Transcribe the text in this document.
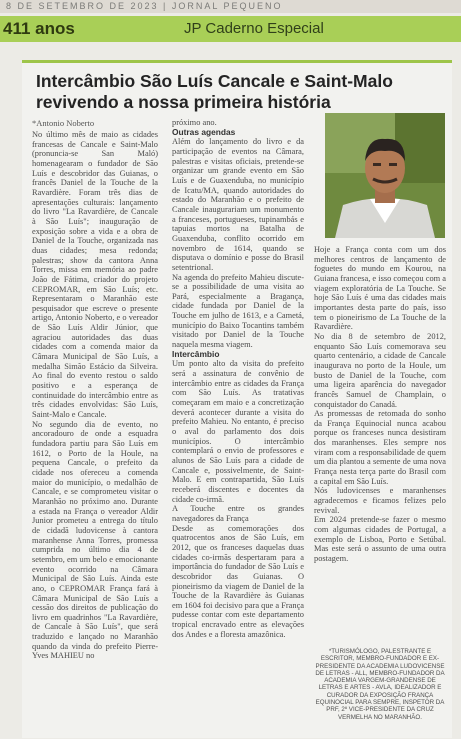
8 DE SETEMBRO DE 2023 | JORNAL PEQUENO
411 anos	JP Caderno Especial
Intercâmbio São Luís Cancale e Saint-Malo revivendo a nossa primeira história
*Antonio Noberto

No último mês de maio as cidades francesas de Cancale e Saint-Malo (pronuncia-se San Maló) homenagearam o fundador de São Luís e descobridor das Guianas, o francês Daniel de la Touche de la Ravardière. Foram três dias de apresentações culturais: lançamento do livro "La Ravardière, de Cancale à São Luís"; inauguração de exposição sobre a vida e a obra de Daniel de la Touche, organizada nas duas cidades; mesa redonda; palestras; show da cantora Anna Torres, missa em memória ao padre João de Fátima, criador do projeto CEPROMAR, em São Luís; etc. Representaram o Maranhão este pesquisador que escreve o presente artigo, Antonio Noberto, e o vereador de São Luís Aldir Júnior, que agraciou autoridades das duas cidades com a comenda maior da Câmara Municipal de São Luís, a medalha Simão Estácio da Silveira. Ao final do evento restou o saldo positivo e a esperança de continuidade do intercâmbio entre as três cidades envolvidas: São Luís, Saint-Malo e Cancale.
No segundo dia de evento, no ancoradouro de onde a esquadra fundadora partiu para São Luís em 1612, o Porto de la Houle, na pequena Cancale, o prefeito da cidade nos ofereceu a comenda maior do município, o medalhão de Cancale, e se comprometeu visitar o Maranhão no próximo ano. Durante a estada na França o vereador Aldir Junior prometeu a entrega do título de cidadã ludovicense à cantora maranhense Anna Torres, promessa cumprida no último dia 4 de setembro, em um belo e emocionante evento ocorrido na Câmara Municipal de São Luís. Ainda este ano, o CEPROMAR França fará à Câmara Municipal de São Luís a cessão dos direitos de publicação do livro em quadrinhos "La Ravardière, de Cancale à São Luís", que será traduzido e lançado no Maranhão quando da vinda do prefeito Pierre-Yves MAHIEU no

próximo ano.

Outras agendas

Além do lançamento do livro e da participação de eventos na Câmara, palestras e visitas oficiais, pretende-se organizar um grande evento em São Luís e de Guaxenduba, no município de Icatu/MA, quando autoridades do estado do Maranhão e o prefeito de Cancale inaugurariam um monumento a franceses, portugueses, tupinambás e tapuias mortos na Batalha de Guaxenduba, conflito ocorrido em novembro de 1614, quando se disputava o domínio e posse do Brasil setentrional.
Na agenda do prefeito Mahieu discute-se a possibilidade de uma visita ao Pará, especialmente a Bragança, cidade fundada por Daniel de la Touche em julho de 1613, e a Cametá, município do Baixo Tocantins também visitado por Daniel de la Touche naquela mesma viagem.

Intercâmbio

Um ponto alto da visita do prefeito será a assinatura de convênio de intercâmbio entre as cidades da França com São Luís. As tratativas começaram em maio e a concretização deverá acontecer durante a visita do prefeito Mahieu. No entanto, é preciso o aval do parlamento dos dois municípios. O intercâmbio contemplará o envio de professores e alunos de São Luís para a cidade de Cancale e, possivelmente, de Saint-Malo. E em contrapartida, São Luís receberá discentes e docentes da cidade co-irmã.
A Touche entre os grandes navegadores da França
Desde as comemorações dos quatrocentos anos de São Luís, em 2012, que os franceses daquelas duas cidades co-irmãs despertaram para a importância do fundador de São Luís e descobridor das Guianas. O pioneirismo da viagem de Daniel de la Touche de la Ravardière às Guianas em 1604 foi decisivo para que a França pudesse contar com este departamento tropical encravado entre as elevações dos Andes e a floresta amazônica.

Hoje a França conta com um dos melhores centros de lançamento de foguetes do mundo em Kourou, na Guiana francesa, e isso começou com a viagem exploratória de La Touche. Se hoje São Luís é uma das cidades mais importantes desta parte do país, isso tem o pioneirismo de La Touche de la Ravardière.
No dia 8 de setembro de 2012, enquanto São Luís comemorava seu quarto centenário, a cidade de Cancale inaugurava no porto de la Houle, um busto de Daniel de la Touche, com uma ligeira aparência do navegador francês Samuel de Champlain, o conquistador do Canadá.
As promessas de retomada do sonho da França Equinocial nunca acabou porque os franceses nunca desistiram dos maranhenses. Eles sempre nos viram com a responsabilidade de quem um dia plantou a semente de uma nova França nesta terça parte do Brasil com a capital em São Luís.
Nós ludovicenses e maranhenses agradecemos e ficamos felizes pelo revival.
Em 2024 pretende-se fazer o mesmo com algumas cidades de Portugal, a exemplo de Lisboa, Porto e Setúbal. Mas este será o assunto de uma outra postagem.

*TURISMÓLOGO, PALESTRANTE E ESCRITOR, MEMBRO-FUNDADOR E EX-PRESIDENTE DA ACADEMIA LUDOVICENSE DE LETRAS - ALL, MEMBRO-FUNDADOR DA ACADEMIA VARGEM-GRANDENSE DE LETRAS E ARTES - AVLA, IDEALIZADOR E CURADOR DA EXPOSIÇÃO FRANÇA EQUINOCIAL PARA SEMPRE, INSPETOR DA PRF, 2º VICE-PRESIDENTE DA CRUZ VERMELHA NO MARANHÃO.
